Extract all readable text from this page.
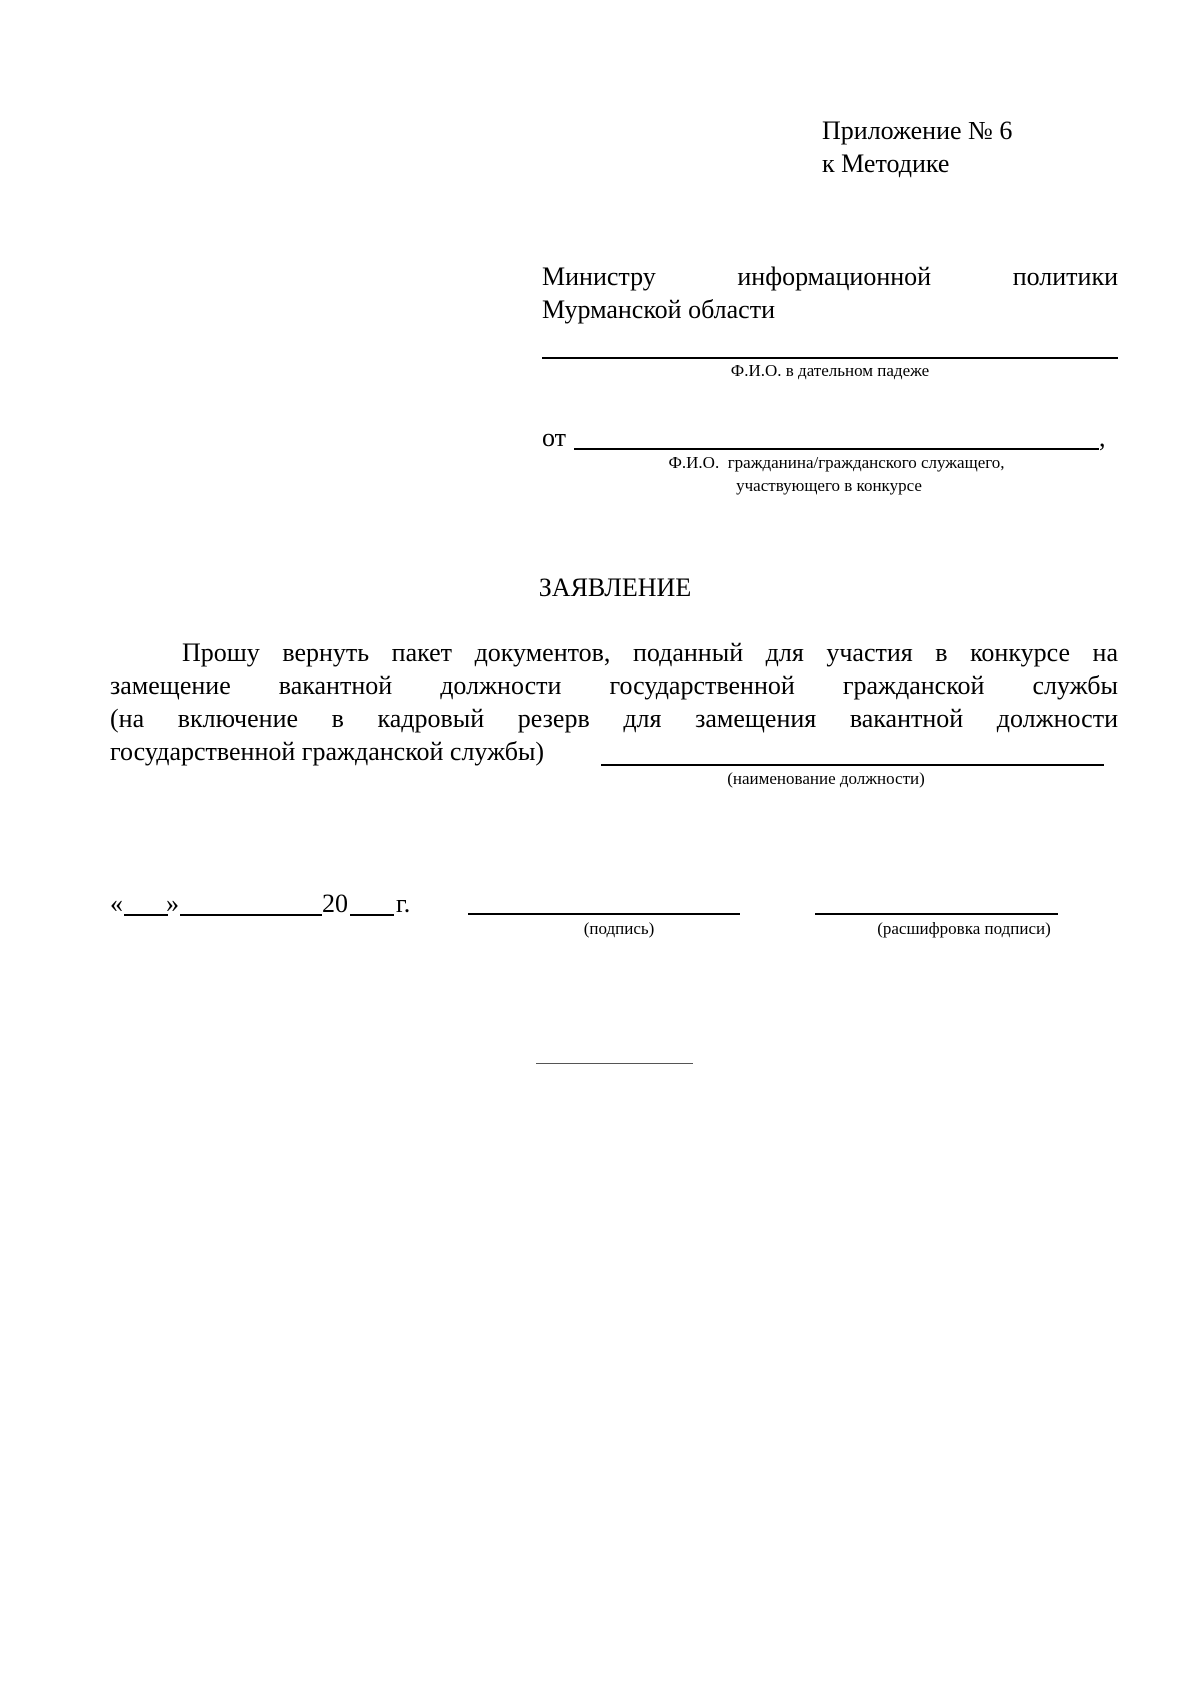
Приложение № 6
к Методике
Министру информационной политики
Мурманской области
Ф.И.О. в дательном падеже
от	,
Ф.И.О.  гражданина/гражданского служащего,
участвующего в конкурсе
ЗАЯВЛЕНИЕ
Прошу вернуть пакет документов, поданный для участия в конкурсе на
замещение вакантной должности государственной гражданской службы
(на включение в кадровый резерв для замещения вакантной должности
государственной гражданской службы)
(наименование должности)
« »	20 г.
(подпись)	(расшифровка подписи)
